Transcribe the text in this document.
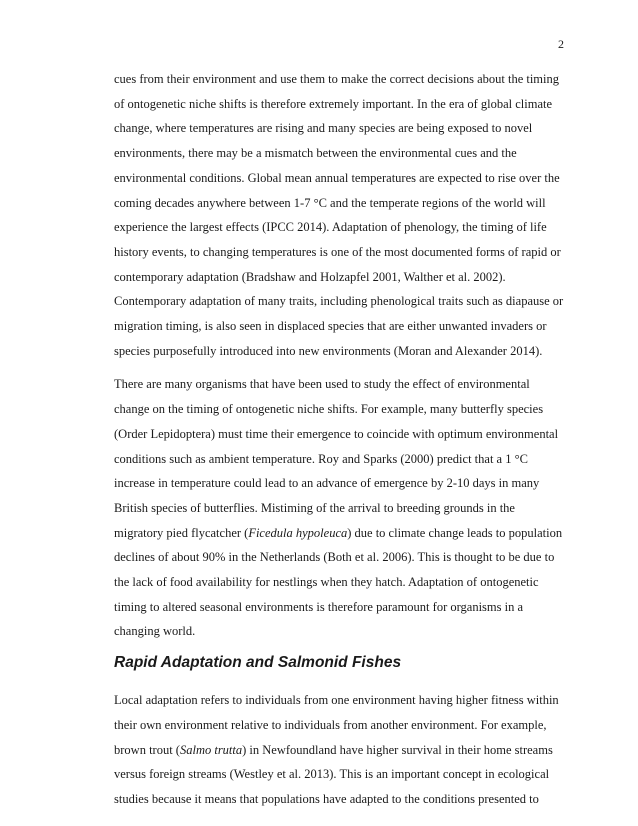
2
cues from their environment and use them to make the correct decisions about the timing
of ontogenetic niche shifts is therefore extremely important. In the era of global climate
change, where temperatures are rising and many species are being exposed to novel
environments, there may be a mismatch between the environmental cues and the
environmental conditions. Global mean annual temperatures are expected to rise over the
coming decades anywhere between 1-7 °C and the temperate regions of the world will
experience the largest effects (IPCC 2014). Adaptation of phenology, the timing of life
history events, to changing temperatures is one of the most documented forms of rapid or
contemporary adaptation (Bradshaw and Holzapfel 2001, Walther et al. 2002).
Contemporary adaptation of many traits, including phenological traits such as diapause or
migration timing, is also seen in displaced species that are either unwanted invaders or
species purposefully introduced into new environments (Moran and Alexander 2014).
There are many organisms that have been used to study the effect of environmental
change on the timing of ontogenetic niche shifts. For example, many butterfly species
(Order Lepidoptera) must time their emergence to coincide with optimum environmental
conditions such as ambient temperature. Roy and Sparks (2000) predict that a 1 °C
increase in temperature could lead to an advance of emergence by 2-10 days in many
British species of butterflies. Mistiming of the arrival to breeding grounds in the
migratory pied flycatcher (Ficedula hypoleuca) due to climate change leads to population
declines of about 90% in the Netherlands (Both et al. 2006). This is thought to be due to
the lack of food availability for nestlings when they hatch. Adaptation of ontogenetic
timing to altered seasonal environments is therefore paramount for organisms in a
changing world.
Rapid Adaptation and Salmonid Fishes
Local adaptation refers to individuals from one environment having higher fitness within
their own environment relative to individuals from another environment. For example,
brown trout (Salmo trutta) in Newfoundland have higher survival in their home streams
versus foreign streams (Westley et al. 2013). This is an important concept in ecological
studies because it means that populations have adapted to the conditions presented to
